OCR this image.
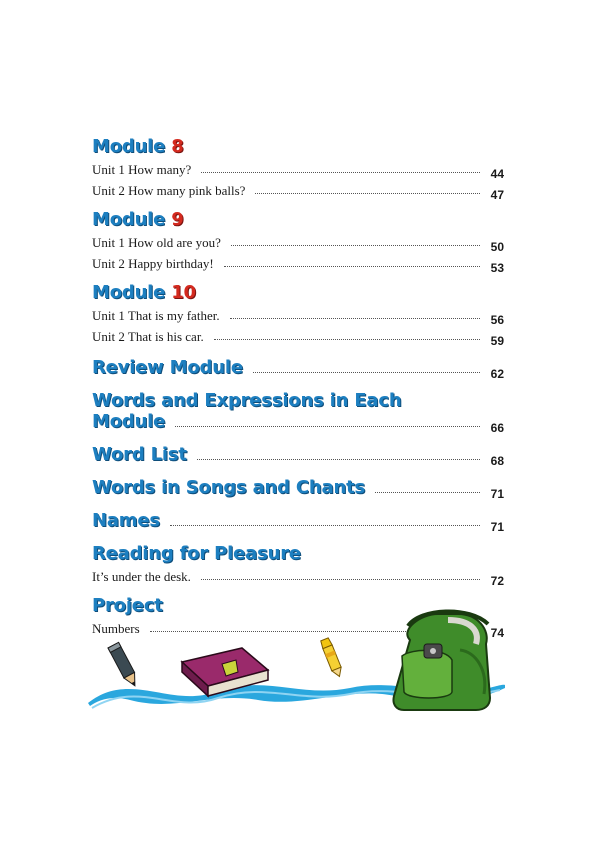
Module 8
Unit 1 How many?	44
Unit 2 How many pink balls?	47
Module 9
Unit 1 How old are you?	50
Unit 2 Happy birthday!	53
Module 10
Unit 1 That is my father.	56
Unit 2 That is his car.	59
Review Module	62
Words and Expressions in Each
Module	66
Word List	68
Words in Songs and Chants	71
Names	71
Reading for Pleasure
It’s under the desk.	72
Project
Numbers	74
